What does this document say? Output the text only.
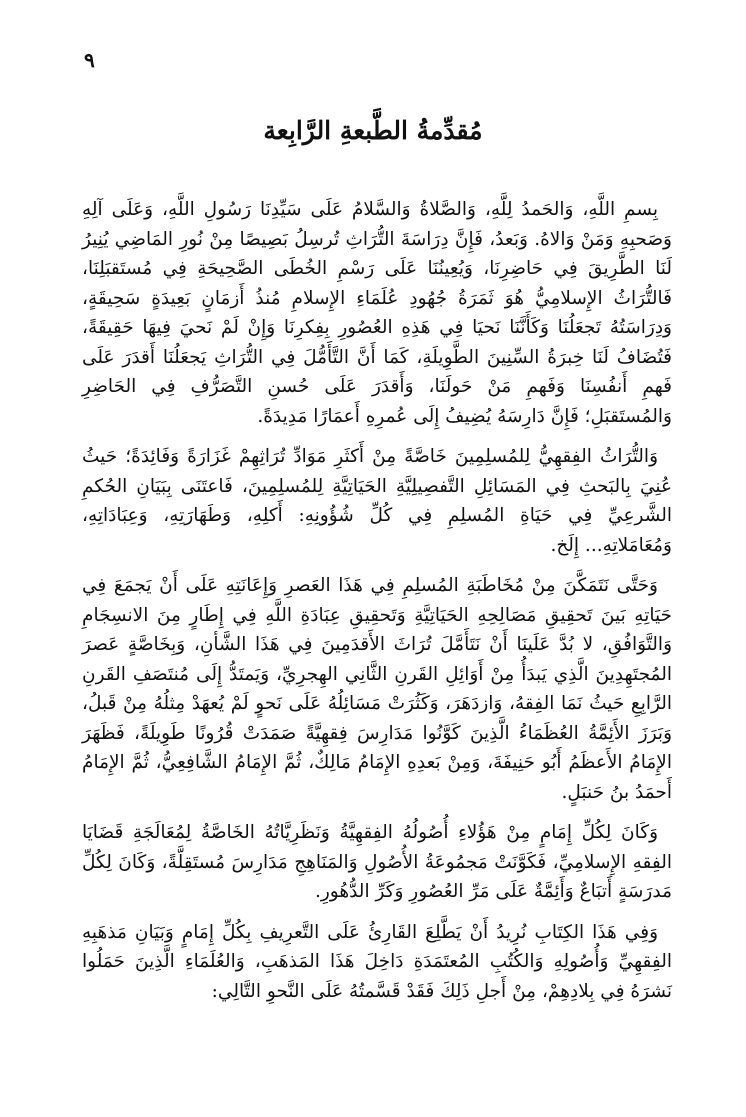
٩
مُقدِّمةُ الطَّبعةِ الرَّابِعة

بِسمِ اللَّهِ، وَالحَمدُ لِلَّهِ، وَالصَّلاةُ وَالسَّلامُ عَلَى سَيِّدِنَا رَسُولِ اللَّهِ، وَعَلَى آلِهِ وَصَحبِهِ وَمَنْ وَالاهُ. وَبَعدُ، فَإِنَّ دِرَاسَةَ التُّرَاثِ تُرسِلُ بَصِيصًا مِنْ نُورِ المَاضِي يُنِيرُ لَنَا الطَّرِيقَ فِي حَاضِرِنَا، وَيُعِينُنَا عَلَى رَسْمِ الخُطَى الصَّحِيحَةِ فِي مُستَقبَلِنَا، فَالتُّرَاثُ الإِسلامِيُّ هُوَ ثَمَرَةُ جُهُودِ عُلَمَاءِ الإِسلامِ مُنذُ أَزمَانٍ بَعِيدَةٍ سَحِيقَةٍ، وَدِرَاسَتُهُ تَجعَلُنَا وَكَأَنَّنَا نَحيَا فِي هَذِهِ العُصُورِ بِفِكرِنَا وَإِنْ لَمْ نَحيَ فِيهَا حَقِيقَةً، فَتُضَافُ لَنَا خِبرَةُ السِّنِينَ الطَّوِيلَةِ، كَمَا أَنَّ التَّأَمُّلَ فِي التُّرَاثِ يَجعَلُنَا أَقدَرَ عَلَى فَهمِ أَنفُسِنَا وَفَهمِ مَنْ حَولَنَا، وَأَقدَرَ عَلَى حُسنِ التَّصَرُّفِ فِي الحَاضِرِ وَالمُستَقبَلِ؛ فَإِنَّ دَارِسَهُ يُضِيفُ إِلَى عُمرِهِ أَعمَارًا مَدِيدَةً.

وَالتُّرَاثُ الفِقهِيُّ لِلمُسلِمِينَ خَاصَّةً مِنْ أَكثَرِ مَوَادِّ تُرَاثِهِمْ غَزَارَةً وَفَائِدَةً؛ حَيثُ عُنِيَ بِالبَحثِ فِي المَسَائِلِ التَّفصِيلِيَّةِ الحَيَاتِيَّةِ لِلمُسلِمِينَ، فَاعتَنَى بِبَيَانِ الحُكمِ الشَّرعِيِّ فِي حَيَاةِ المُسلِمِ فِي كُلِّ شُؤُونِهِ: أَكلِهِ، وَطَهَارَتِهِ، وَعِبَادَاتِهِ، وَمُعَامَلاتِهِ... إِلَخ.

وَحَتَّى نَتَمَكَّنَ مِنْ مُخَاطَبَةِ المُسلِمِ فِي هَذَا العَصرِ وَإِعَانَتِهِ عَلَى أَنْ يَجمَعَ فِي حَيَاتِهِ بَينَ تَحقِيقِ مَصَالِحِهِ الحَيَاتِيَّةِ وَتَحقِيقِ عِبَادَةِ اللَّهِ فِي إِطَارٍ مِنَ الانسِجَامِ وَالتَّوَافُقِ، لا بُدَّ عَلَينَا أَنْ نَتَأَمَّلَ تُرَاثَ الأَقدَمِينَ فِي هَذَا الشَّأنِ، وَبِخَاصَّةٍ عَصرَ المُجتَهِدِينَ الَّذِي يَبدَأُ مِنْ أَوَائِلِ القَرنِ الثَّانِي الهِجرِيِّ، وَيَمتَدُّ إِلَى مُنتَصَفِ القَرنِ الرَّابِعِ حَيثُ نَمَا الفِقهُ، وَازدَهَرَ، وَكَثُرَتْ مَسَائِلُهُ عَلَى نَحوٍ لَمْ يُعهَدْ مِثلُهُ مِنْ قَبلُ، وَبَرَزَ الأَئِمَّةُ العُظَمَاءُ الَّذِينَ كَوَّنُوا مَدَارِسَ فِقهِيَّةً صَمَدَتْ قُرُونًا طَوِيلَةً، فَظَهَرَ الإِمَامُ الأَعظَمُ أَبُو حَنِيفَةَ، وَمِنْ بَعدِهِ الإِمَامُ مَالِكٌ، ثُمَّ الإِمَامُ الشَّافِعِيُّ، ثُمَّ الإِمَامُ أَحمَدُ بنُ حَنبَلٍ.

وَكَانَ لِكُلِّ إِمَامٍ مِنْ هَؤُلاءِ أُصُولُهُ الفِقهِيَّةُ وَنَظَرِيَّاتُهُ الخَاصَّةُ لِمُعَالَجَةِ قَضَايَا الفِقهِ الإِسلامِيِّ، فَكَوَّنَتْ مَجمُوعَةُ الأُصُولِ وَالمَنَاهِجِ مَدَارِسَ مُستَقِلَّةً، وَكَانَ لِكُلِّ مَدرَسَةٍ أَتبَاعٌ وَأَئِمَّةٌ عَلَى مَرِّ العُصُورِ وَكَرِّ الدُّهُورِ.

وَفِي هَذَا الكِتَابِ نُرِيدُ أَنْ يَطَّلِعَ القَارِئُ عَلَى التَّعرِيفِ بِكُلِّ إِمَامٍ وَبَيَانِ مَذهَبِهِ الفِقهِيِّ وَأُصُولِهِ وَالكُتُبِ المُعتَمَدَةِ دَاخِلَ هَذَا المَذهَبِ، وَالعُلَمَاءِ الَّذِينَ حَمَلُوا نَشرَهُ فِي بِلادِهِمْ، مِنْ أَجلِ ذَلِكَ فَقَدْ قَسَّمتُهُ عَلَى النَّحوِ التَّالِي:
